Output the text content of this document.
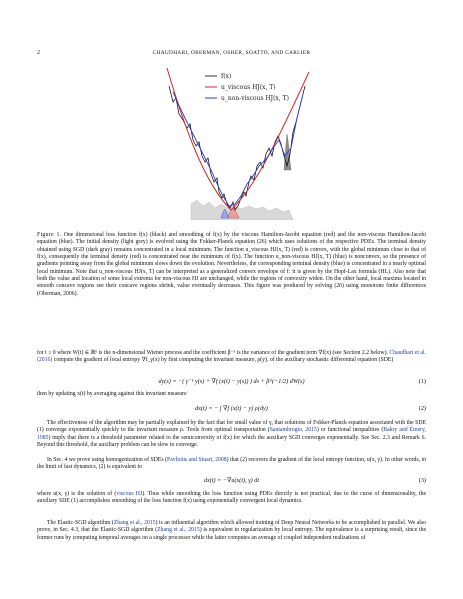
2	CHAUDHARI, OBERMAN, OSHER, SOATTO, AND CARLIER
f(x)
u_viscous HJ(x, T)
u_non-viscous HJ(x, T)

Figure 1. One dimensional loss function f(x) (black) and smoothing of f(x) by the viscous Hamilton-Jacobi equation (red) and the non-viscous Hamilton-Jacobi equation (blue). The initial density (light grey) is evolved using the Fokker-Planck equation (26) which uses solutions of the respective PDEs. The terminal density obtained using SGD (dark gray) remains concentrated in a local minimum. The function u_viscous HJ(x, T) (red) is convex, with the global minimum close to that of f(x), consequently the terminal density (red) is concentrated near the minimum of f(x). The function u_non-viscous HJ(x, T) (blue) is nonconvex, so the presence of gradients pointing away from the global minimum slows down the evolution. Nevertheless, the corresponding terminal density (blue) is concentrated in a nearly optimal local minimum. Note that u_non-viscous HJ(x, T) can be interpreted as a generalized convex envelope of f: it is given by the Hopf-Lax formula (HL). Also note that both the value and location of some local extrema for non-viscous HJ are unchanged, while the regions of convexity widen. On the other hand, local maxima located in smooth concave regions see their concave regions shrink, value eventually decreases. This figure was produced by solving (26) using monotone finite differences (Oberman, 2006).

for t ≥ 0 where W(t) ∈ ℝⁿ is the n-dimensional Wiener process and the coefficient β⁻¹ is the variance of the gradient term ∇f(x) (see Section 2.2 below). Chaudhari et al. (2016) compute the gradient of local entropy ∇f_γ(x) by first computing the invariant measure, ρ(y), of the auxiliary stochastic differential equation (SDE)

dy(s) = −( γ⁻¹ y(s) + ∇f (x(t) − y(s)) ) ds + β^(−1/2) dW(s)	(1)

then by updating x(t) by averaging against this invariant measure

dx(t) = − ∫ ∇f (x(t) − y) ρ(dy)	(2)

The effectiveness of the algorithm may be partially explained by the fact that for small value of γ, that solutions of Fokker-Planck equation associated with the SDE (1) converge exponentially quickly to the invariant measure ρ. Tools from optimal transportation (Santambrogio, 2015) or functional inequalities (Bakry and Émery, 1985) imply that there is a threshold parameter related to the semiconvexity of f(x) for which the auxiliary SGD converges exponentially. See Sec. 2.3 and Remark 6. Beyond this threshold, the auxiliary problem can be slow to converge.

In Sec. 4 we prove using homogenization of SDEs (Pavliotis and Stuart, 2008) that (2) recovers the gradient of the local entropy function, u(x, γ). In other words, in the limit of fast dynamics, (2) is equivalent to

dx(t) = −∇u(x(t), γ) dt	(3)

where u(x, γ) is the solution of (viscous HJ). Thus while smoothing the loss function using PDEs directly is not practical, due to the curse of dimensionality, the auxiliary SDE (1) accomplishes smoothing of the loss function f(x) using exponentially convergent local dynamics.

The Elastic-SGD algorithm (Zhang et al., 2015) is an influential algorithm which allowed training of Deep Neural Networks to be accomplished in parallel. We also prove, in Sec. 4.3, that the Elastic-SGD algorithm (Zhang et al., 2015) is equivalent to regularization by local entropy. The equivalence is a surprising result, since the former runs by computing temporal averages on a single processor while the latter computes an average of coupled independent realizations of
